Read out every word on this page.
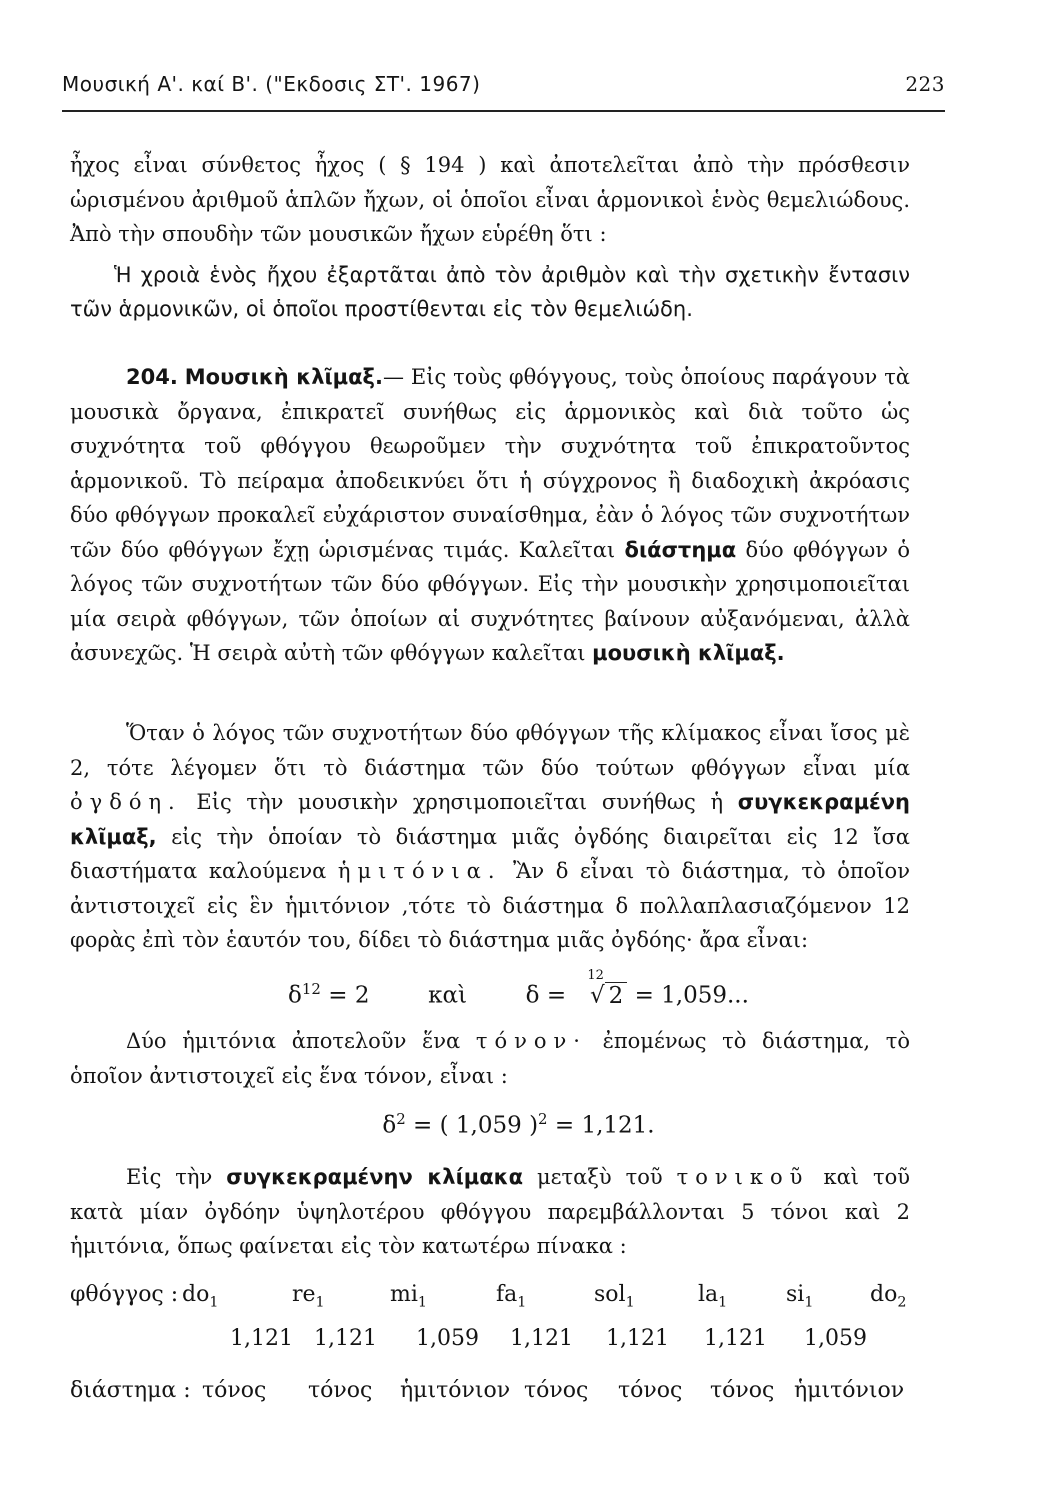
Μουσική Α'. καί Β'. ("Εκδοσις ΣΤ'. 1967)	223
ἦχος εἶναι σύνθετος ἦχος ( § 194 ) καὶ ἀποτελεῖται ἀπὸ τὴν πρόσθεσιν ὡρισμένου ἀριθμοῦ ἁπλῶν ἤχων, οἱ ὁποῖοι εἶναι ἁρμονικοὶ ἑνὸς θεμελιώδους. Ἀπὸ τὴν σπουδὴν τῶν μουσικῶν ἤχων εὑρέθη ὅτι :
Ἡ χροιὰ ἑνὸς ἤχου ἐξαρτᾶται ἀπὸ τὸν ἀριθμὸν καὶ τὴν σχετικὴν ἔντασιν τῶν ἁρμονικῶν, οἱ ὁποῖοι προστίθενται εἰς τὸν θεμελιώδη.
204. Μουσικὴ κλῖμαξ.— Εἰς τοὺς φθόγγους, τοὺς ὁποίους παράγουν τὰ μουσικὰ ὄργανα, ἐπικρατεῖ συνήθως εἰς ἁρμονικὸς καὶ διὰ τοῦτο ὡς συχνότητα τοῦ φθόγγου θεωροῦμεν τὴν συχνότητα τοῦ ἐπικρατοῦντος ἁρμονικοῦ. Τὸ πείραμα ἀποδεικνύει ὅτι ἡ σύγχρονος ἢ διαδοχικὴ ἀκρόασις δύο φθόγγων προκαλεῖ εὐχάριστον συναίσθημα, ἐὰν ὁ λόγος τῶν συχνοτήτων τῶν δύο φθόγγων ἔχῃ ὡρισμένας τιμάς. Καλεῖται διάστημα δύο φθόγγων ὁ λόγος τῶν συχνοτήτων τῶν δύο φθόγγων. Εἰς τὴν μουσικὴν χρησιμοποιεῖται μία σειρὰ φθόγγων, τῶν ὁποίων αἱ συχνότητες βαίνουν αὐξανόμεναι, ἀλλὰ ἀσυνεχῶς. Ἡ σειρὰ αὐτὴ τῶν φθόγγων καλεῖται μουσικὴ κλῖμαξ.
Ὅταν ὁ λόγος τῶν συχνοτήτων δύο φθόγγων τῆς κλίμακος εἶναι ἴσος μὲ 2, τότε λέγομεν ὅτι τὸ διάστημα τῶν δύο τούτων φθόγγων εἶναι μία ὀγδόη. Εἰς τὴν μουσικὴν χρησιμοποιεῖται συνήθως ἡ συγκεκραμένη κλῖμαξ, εἰς τὴν ὁποίαν τὸ διάστημα μιᾶς ὀγδόης διαιρεῖται εἰς 12 ἴσα διαστήματα καλούμενα ἡμιτόνια. Ἂν δ εἶναι τὸ διάστημα, τὸ ὁποῖον ἀντιστοιχεῖ εἰς ἓν ἡμιτόνιον ,τότε τὸ διάστημα δ πολλαπλασιαζόμενον 12 φορὰς ἐπὶ τὸν ἑαυτόν του, δίδει τὸ διάστημα μιᾶς ὀγδόης· ἄρα εἶναι:
$\delta^{12} = 2$	καὶ	δ = $^{12}$√ 2 = 1,059...
Δύο ἡμιτόνια ἀποτελοῦν ἕνα τόνον· ἐπομένως τὸ διάστημα, τὸ ὁποῖον ἀντιστοιχεῖ εἰς ἕνα τόνον, εἶναι :
$\delta^2$ = ( 1,059 )$^2$ = 1,121.
Εἰς τὴν συγκεκραμένην κλίμακα μεταξὺ τοῦ τονικοῦ καὶ τοῦ κατὰ μίαν ὀγδόην ὑψηλοτέρου φθόγγου παρεμβάλλονται 5 τόνοι καὶ 2 ἡμιτόνια, ὅπως φαίνεται εἰς τὸν κατωτέρω πίνακα :
φθόγγος : $do_1$	$re_1$	$mi_1$	$fa_1$	sol$_1$	$la_1$	$si_1$	$do_2$
1,121 1,121 1,059 1,121 1,121 1,121 1,059
διάστημα : τόνος τόνος ἡμιτόνιον τόνος τόνος τόνος ἡμιτόνιον
